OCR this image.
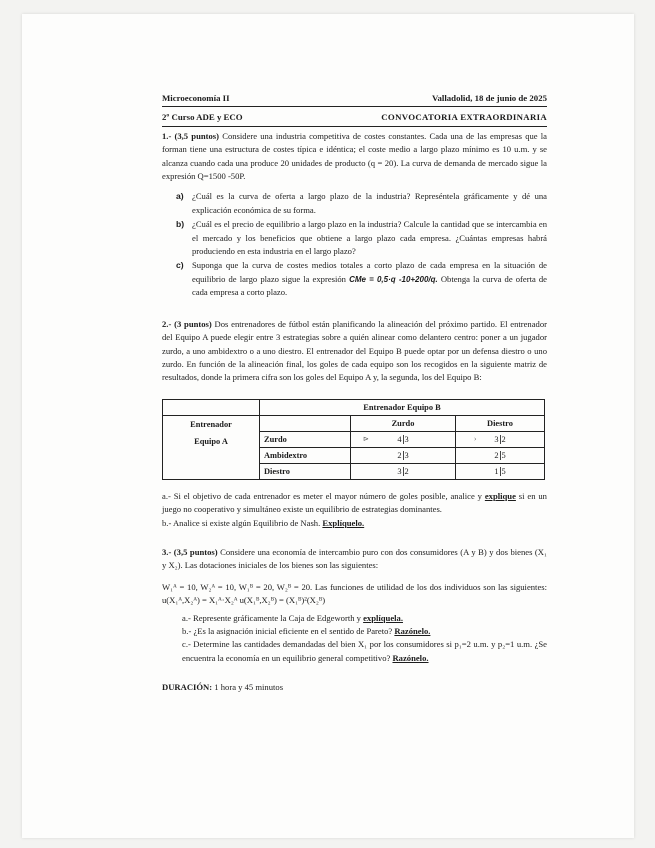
Microeconomía II	Valladolid, 18 de junio de 2025
2º Curso ADE y ECO	CONVOCATORIA EXTRAORDINARIA

1.- (3,5 puntos) Considere una industria competitiva de costes constantes. Cada una de las empresas que la forman tiene una estructura de costes típica e idéntica; el coste medio a largo plazo mínimo es 10 u.m. y se alcanza cuando cada una produce 20 unidades de producto (q = 20). La curva de demanda de mercado sigue la expresión Q=1500 -50P.

a) ¿Cuál es la curva de oferta a largo plazo de la industria? Represéntela gráficamente y dé una explicación económica de su forma.
b) ¿Cuál es el precio de equilibrio a largo plazo en la industria? Calcule la cantidad que se intercambia en el mercado y los beneficios que obtiene a largo plazo cada empresa. ¿Cuántas empresas habrá produciendo en esta industria en el largo plazo?
c) Suponga que la curva de costes medios totales a corto plazo de cada empresa en la situación de equilibrio de largo plazo sigue la expresión CMe = 0,5·q -10+200/q. Obtenga la curva de oferta de cada empresa a corto plazo.

2.- (3 puntos) Dos entrenadores de fútbol están planificando la alineación del próximo partido. El entrenador del Equipo A puede elegir entre 3 estrategias sobre a quién alinear como delantero centro: poner a un jugador zurdo, a uno ambidextro o a uno diestro. El entrenador del Equipo B puede optar por un defensa diestro o uno zurdo. En función de la alineación final, los goles de cada equipo son los recogidos en la siguiente matriz de resultados, donde la primera cifra son los goles del Equipo A y, la segunda, los del Equipo B:

	Entrenador Equipo B		

Entrenador
Equipo A		Zurdo	Diestro
	Zurdo	⊳ 4 3	› 3 2
	Ambidextro	2 3	2 5
	Diestro	3 2	1 5

a.- Si el objetivo de cada entrenador es meter el mayor número de goles posible, analice y explique si en un juego no cooperativo y simultáneo existe un equilibrio de estrategias dominantes.

b.- Analice si existe algún Equilibrio de Nash. Explíquelo.

3.- (3,5 puntos) Considere una economía de intercambio puro con dos consumidores (A y B) y dos bienes (X₁ y X₂). Las dotaciones iniciales de los bienes son las siguientes:

W₁ᴬ = 10, W₂ᴬ = 10, W₁ᴮ = 20, W₂ᴮ = 20. Las funciones de utilidad de los dos individuos son las siguientes: u(X₁ᴬ,X₂ᴬ) = X₁ᴬ·X₂ᴬ u(X₁ᴮ,X₂ᴮ) = (X₁ᴮ)²(X₂ᴮ)

a.- Represente gráficamente la Caja de Edgeworth y explíquela.

b.- ¿Es la asignación inicial eficiente en el sentido de Pareto? Razónelo.

c.- Determine las cantidades demandadas del bien X₁ por los consumidores si p₁=2 u.m. y p₂=1 u.m. ¿Se encuentra la economía en un equilibrio general competitivo? Razónelo.

DURACIÓN: 1 hora y 45 minutos
